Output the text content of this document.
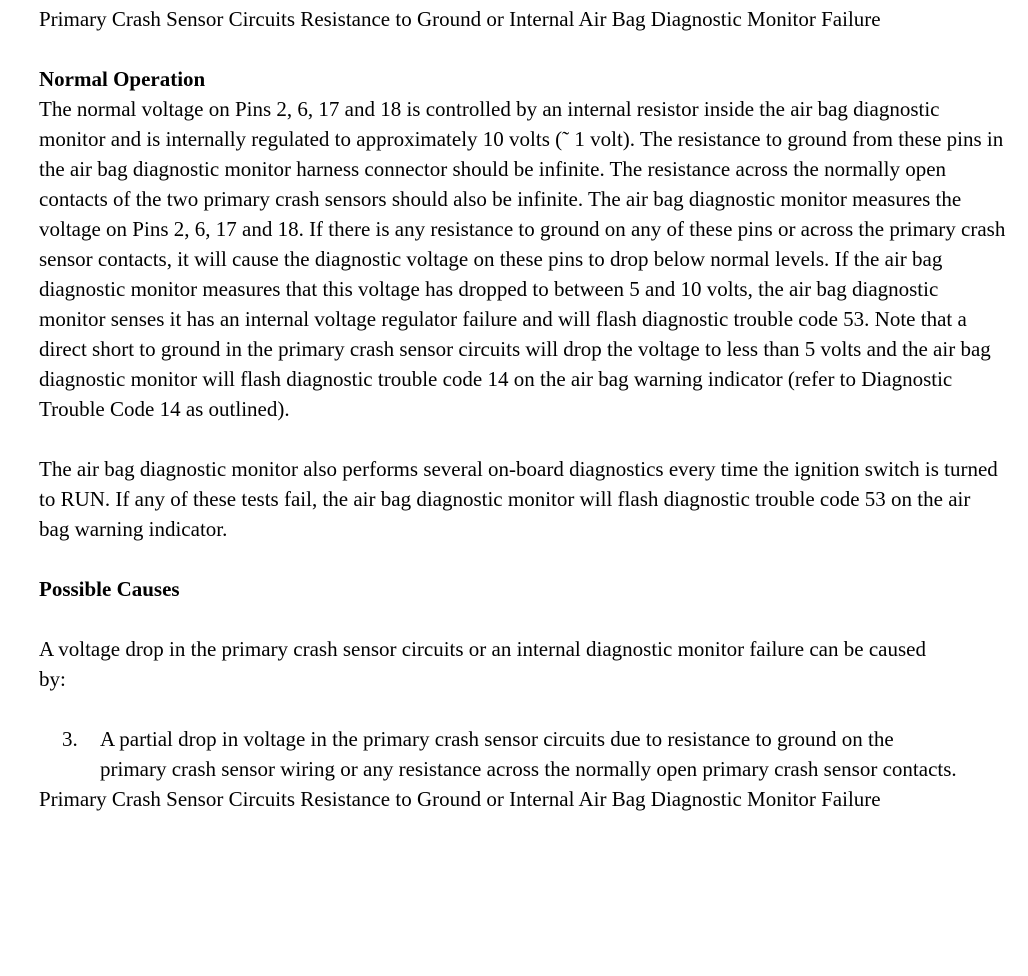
Primary Crash Sensor Circuits Resistance to Ground or Internal Air Bag Diagnostic Monitor Failure

Normal Operation

The normal voltage on Pins 2, 6, 17 and 18 is controlled by an internal resistor inside the air bag diagnostic monitor and is internally regulated to approximately 10 volts (˜ 1 volt). The resistance to ground from these pins in the air bag diagnostic monitor harness connector should be infinite. The resistance across the normally open contacts of the two primary crash sensors should also be infinite. The air bag diagnostic monitor measures the voltage on Pins 2, 6, 17 and 18. If there is any resistance to ground on any of these pins or across the primary crash sensor contacts, it will cause the diagnostic voltage on these pins to drop below normal levels. If the air bag diagnostic monitor measures that this voltage has dropped to between 5 and 10 volts, the air bag diagnostic monitor senses it has an internal voltage regulator failure and will flash diagnostic trouble code 53. Note that a direct short to ground in the primary crash sensor circuits will drop the voltage to less than 5 volts and the air bag diagnostic monitor will flash diagnostic trouble code 14 on the air bag warning indicator (refer to Diagnostic Trouble Code 14 as outlined).

The air bag diagnostic monitor also performs several on-board diagnostics every time the ignition switch is turned to RUN. If any of these tests fail, the air bag diagnostic monitor will flash diagnostic trouble code 53 on the air bag warning indicator.

Possible Causes

A voltage drop in the primary crash sensor circuits or an internal diagnostic monitor failure can be caused by:

3. A partial drop in voltage in the primary crash sensor circuits due to resistance to ground on the primary crash sensor wiring or any resistance across the normally open primary crash sensor contacts.

Primary Crash Sensor Circuits Resistance to Ground or Internal Air Bag Diagnostic Monitor Failure
